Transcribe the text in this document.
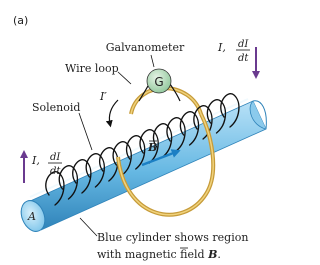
(a)
G
Galvanometer
Wire loop
Solenoid
I′
B
A
Blue cylinder shows region
with magnetic field B.
I, dI
dt
I, dI
dt
